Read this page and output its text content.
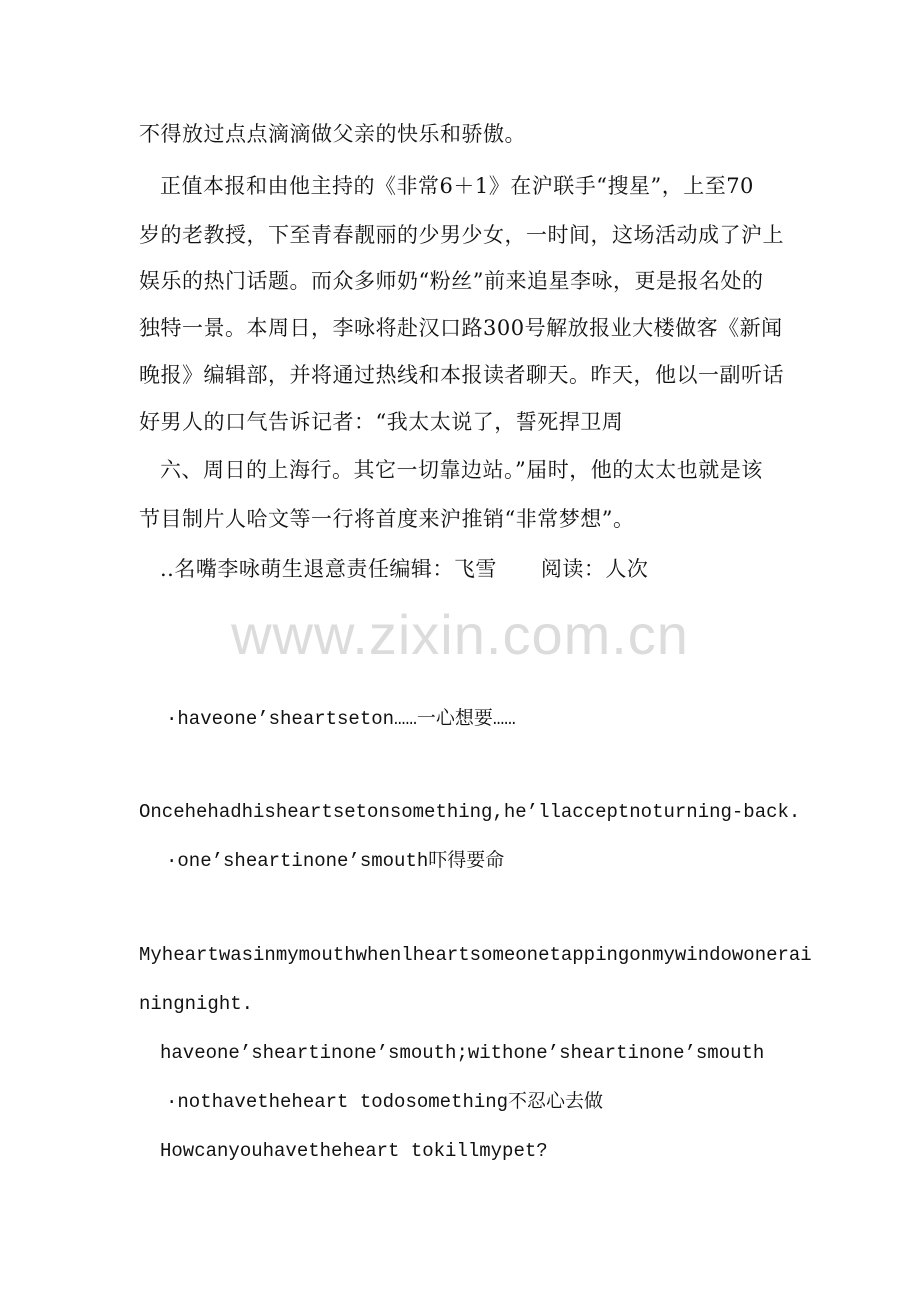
www.zixin.com.cn
不得放过点点滴滴做父亲的快乐和骄傲。
正值本报和由他主持的《非常6＋1》在沪联手“搜星”，上至70
岁的老教授，下至青春靓丽的少男少女，一时间，这场活动成了沪上
娱乐的热门话题。而众多师奶“粉丝”前来追星李咏，更是报名处的
独特一景。本周日，李咏将赴汉口路300号解放报业大楼做客《新闻
晚报》编辑部，并将通过热线和本报读者聊天。昨天，他以一副听话
好男人的口气告诉记者：“我太太说了，誓死捍卫周
六、周日的上海行。其它一切靠边站。”届时，他的太太也就是该
节目制片人哈文等一行将首度来沪推销“非常梦想”。
..名嘴李咏萌生退意责任编辑：飞雪 阅读：人次
·haveone’sheartseton……一心想要……
Oncehehadhisheartsetonsomething,he’llacceptnoturning-back.
·one’sheartinone’smouth吓得要命
Myheartwasinmymouthwhenlheartsomeonetappingonmywindowonerai
ningnight.
haveone’sheartinone’smouth;withone’sheartinone’smouth
·nothavetheheart todosomething不忍心去做
Howcanyouhavetheheart tokillmypet?
